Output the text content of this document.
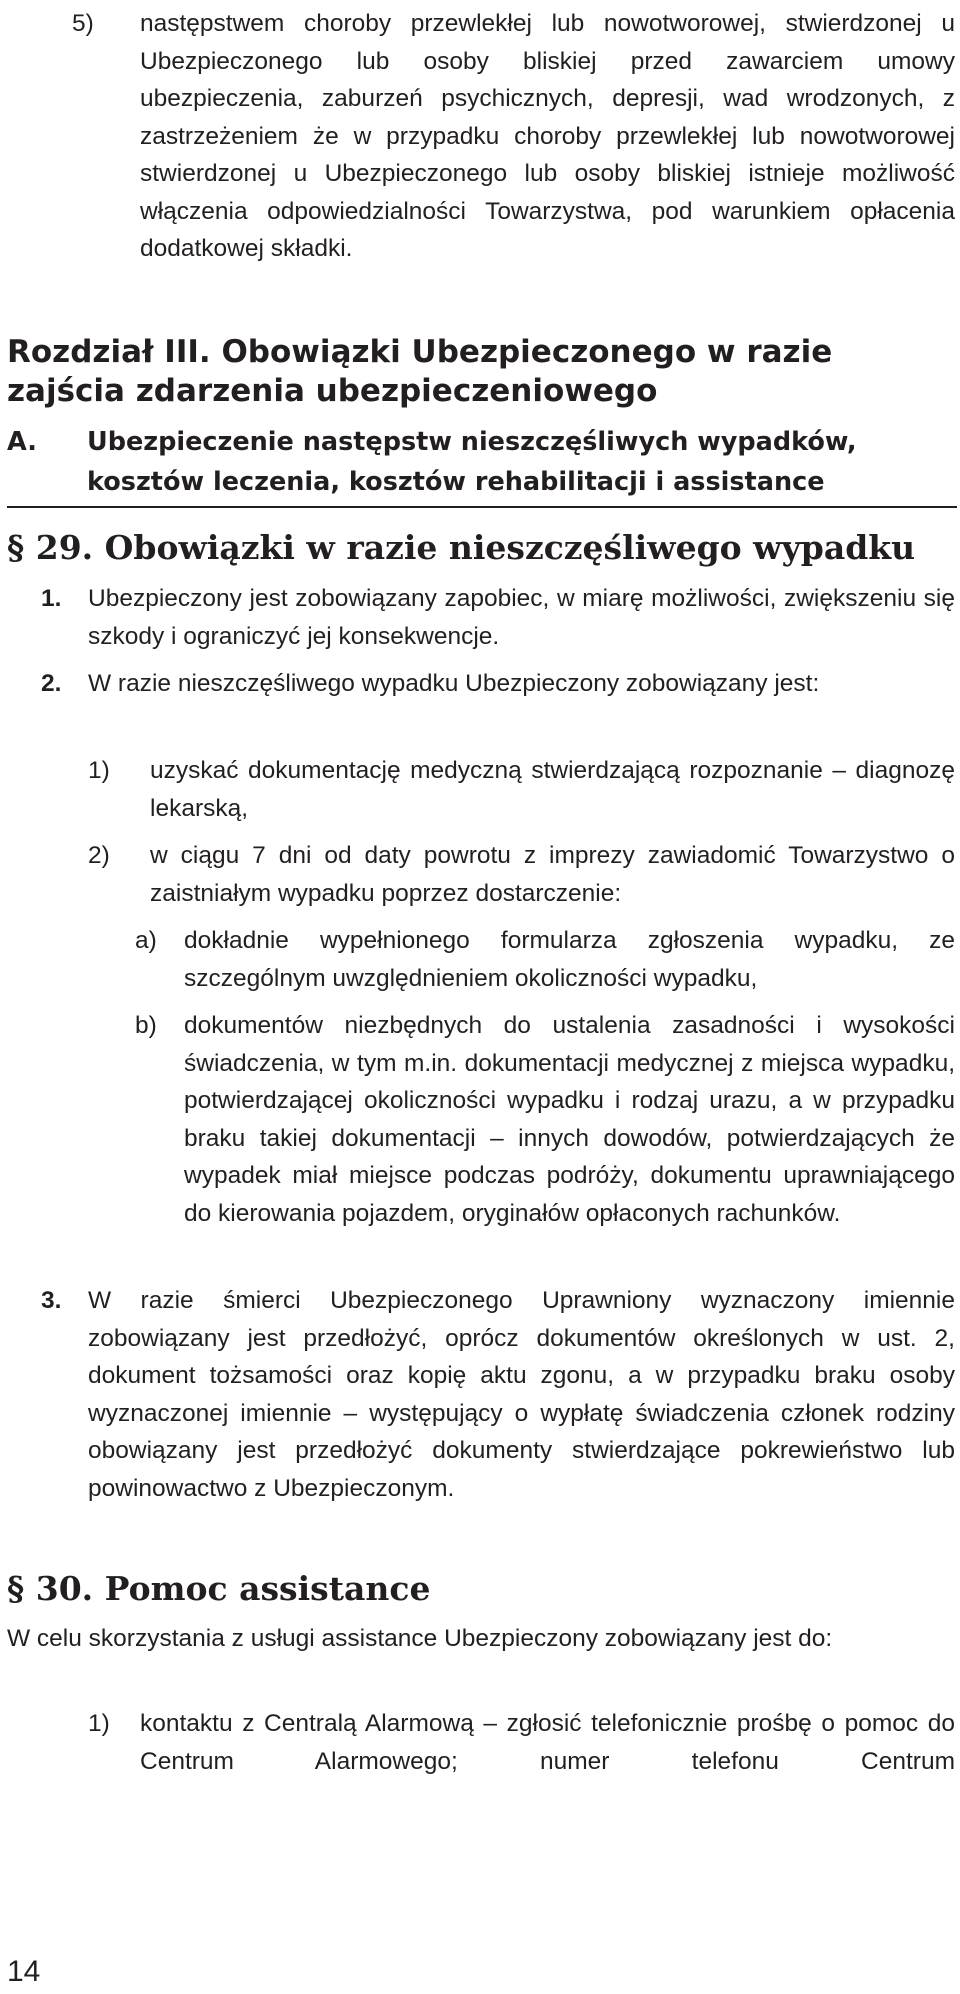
5) następstwem choroby przewlekłej lub nowotworowej, stwierdzonej u Ubezpieczonego lub osoby bliskiej przed zawarciem umowy ubezpieczenia, zaburzeń psychicznych, depresji, wad wrodzonych, z zastrzeżeniem że w przypadku choroby przewlekłej lub nowotworowej stwierdzonej u Ubezpieczonego lub osoby bliskiej istnieje możliwość włączenia odpowiedzialności Towarzystwa, pod warunkiem opłacenia dodatkowej składki.

Rozdział III. Obowiązki Ubezpieczonego w razie zajścia zdarzenia ubezpieczeniowego

A. Ubezpieczenie następstw nieszczęśliwych wypadków, kosztów leczenia, kosztów rehabilitacji i assistance

§ 29. Obowiązki w razie nieszczęśliwego wypadku
1. Ubezpieczony jest zobowiązany zapobiec, w miarę możliwości, zwiększeniu się szkody i ograniczyć jej konsekwencje.

2. W razie nieszczęśliwego wypadku Ubezpieczony zobowiązany jest:

1) uzyskać dokumentację medyczną stwierdzającą rozpoznanie – diagnozę lekarską,

2) w ciągu 7 dni od daty powrotu z imprezy zawiadomić Towarzystwo o zaistniałym wypadku poprzez dostarczenie:

a) dokładnie wypełnionego formularza zgłoszenia wypadku, ze szczególnym uwzględnieniem okoliczności wypadku,

b) dokumentów niezbędnych do ustalenia zasadności i wysokości świadczenia, w tym m.in. dokumentacji medycznej z miejsca wypadku, potwierdzającej okoliczności wypadku i rodzaj urazu, a w przypadku braku takiej dokumentacji – innych dowodów, potwierdzających że wypadek miał miejsce podczas podróży, dokumentu uprawniającego do kierowania pojazdem, oryginałów opłaconych rachunków.

3. W razie śmierci Ubezpieczonego Uprawniony wyznaczony imiennie zobowiązany jest przedłożyć, oprócz dokumentów określonych w ust. 2, dokument tożsamości oraz kopię aktu zgonu, a w przypadku braku osoby wyznaczonej imiennie – występujący o wypłatę świadczenia członek rodziny obowiązany jest przedłożyć dokumenty stwierdzające pokrewieństwo lub powinowactwo z Ubezpieczonym.

§ 30. Pomoc assistance

W celu skorzystania z usługi assistance Ubezpieczony zobowiązany jest do:

1) kontaktu z Centralą Alarmową – zgłosić telefonicznie prośbę o pomoc do Centrum Alarmowego; numer telefonu Centrum

14
